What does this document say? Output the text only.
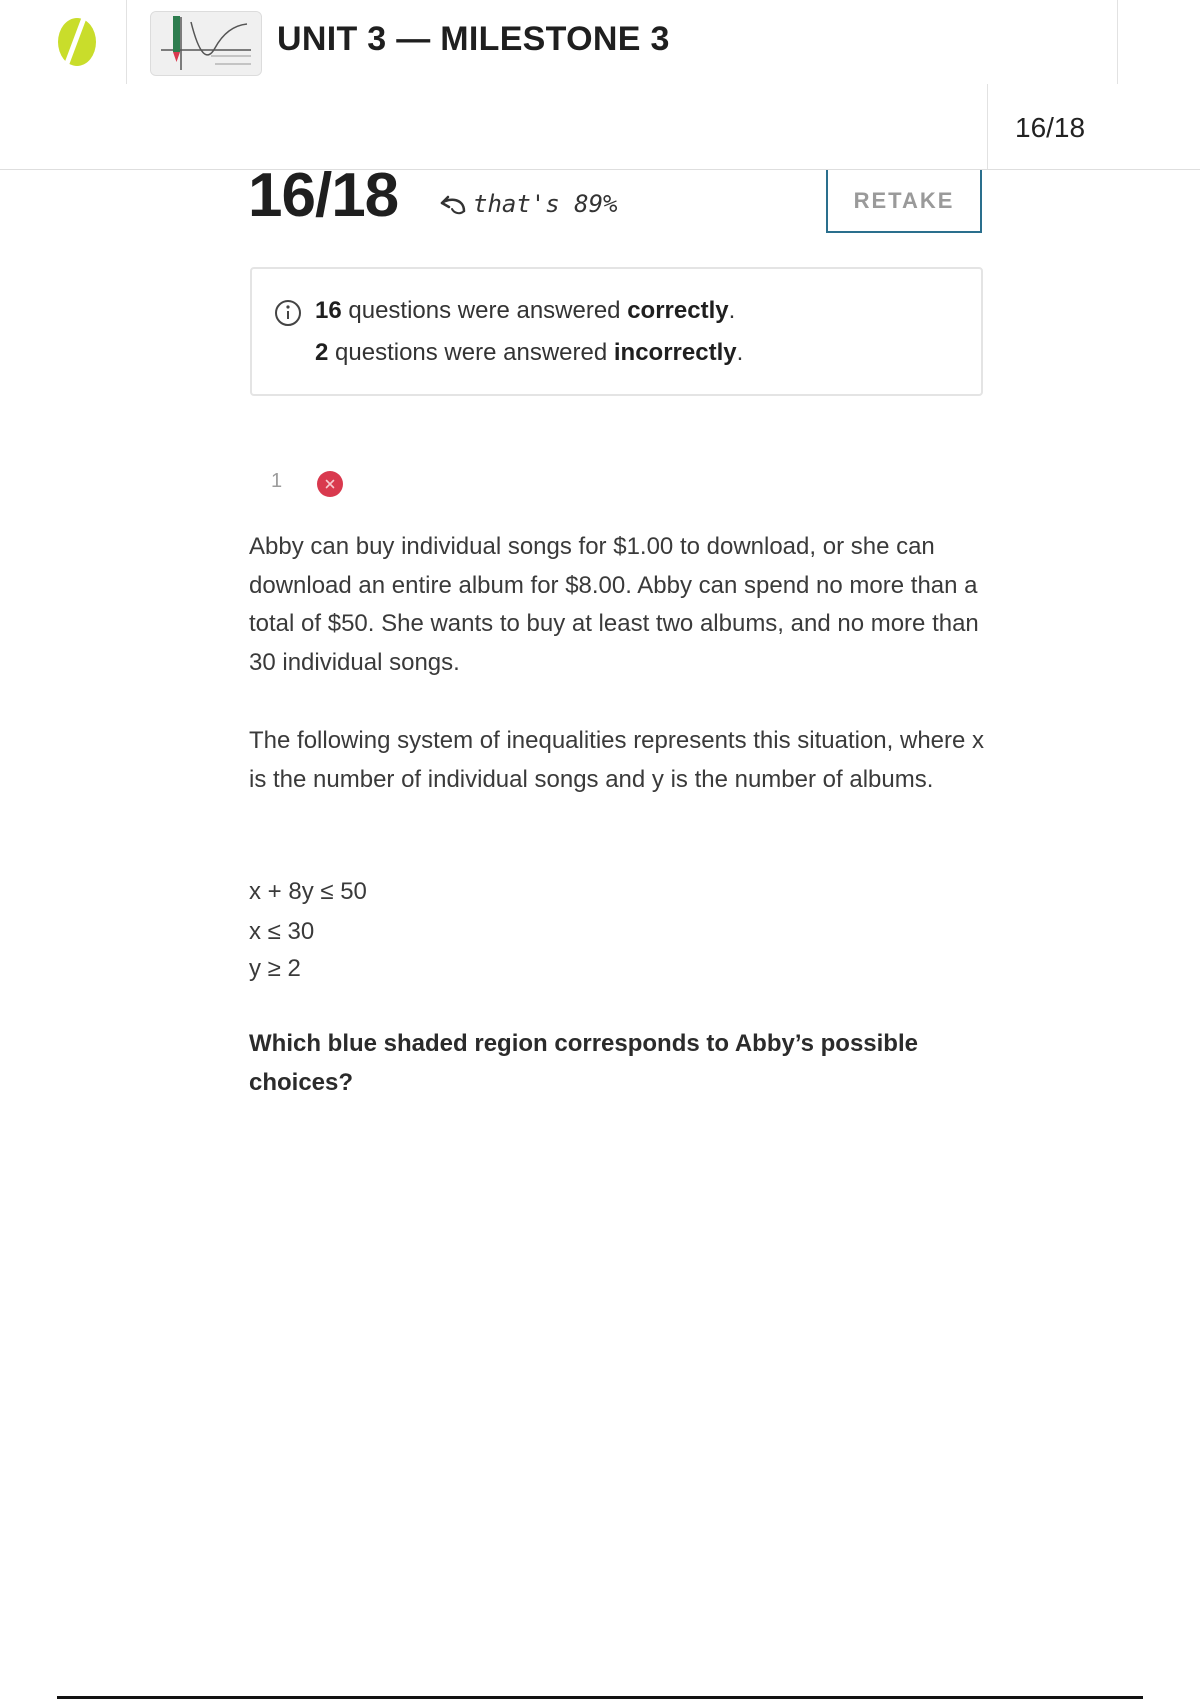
UNIT 3 — MILESTONE 3
16/18
16/18	that's 89%	RETAKE
16 questions were answered correctly.
2 questions were answered incorrectly.
1
Abby can buy individual songs for $1.00 to download, or she can download an entire album for $8.00. Abby can spend no more than a total of $50. She wants to buy at least two albums, and no more than 30 individual songs.
The following system of inequalities represents this situation, where x is the number of individual songs and y is the number of albums.
x + 8y ≤ 50
x ≤ 30
y ≥ 2
Which blue shaded region corresponds to Abby’s possible choices?
